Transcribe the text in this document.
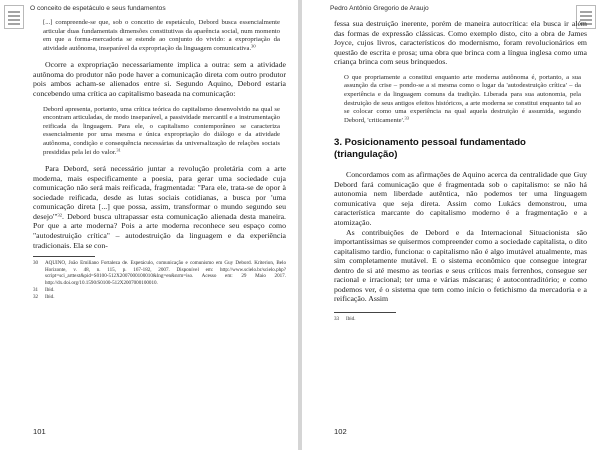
O conceito de espetáculo e seus fundamentos

[...] compreende-se que, sob o conceito de espetáculo, Debord busca essencialmente articular duas fundamentais dimensões constitutivas da aparência social, num momento em que a forma-mercadoria se estende ao conjunto do vivido: a expropriação da atividade autônoma, inseparável da expropriação da linguagem comunicativa.$^{30}$

Ocorre a expropriação necessariamente implica a outra: sem a atividade autônoma do produtor não pode haver a comunicação direta com outro produtor pois ambos acham-se alienados entre si. Segundo Aquino, Debord estaria concebendo uma crítica ao capitalismo baseada na comunicação:

Debord apresenta, portanto, uma crítica teórica do capitalismo desenvolvido na qual se encontram articuladas, de modo inseparável, a passividade mercantil e a instrumentação reificada da linguagem. Para ele, o capitalismo contemporâneo se caracteriza essencialmente por uma mesma e única expropriação do diálogo e da atividade autônoma, condição e consequência necessárias da universalização de relações sociais presididas pela lei do valor.$^{31}$

Para Debord, será necessário juntar a revolução proletária com a arte moderna, mais especificamente a poesia, para gerar uma sociedade cuja comunicação não será mais reificada, fragmentada: "Para ele, trata-se de opor à sociedade reificada, desde as lutas sociais cotidianas, a busca por 'uma comunicação direta [...] que possa, assim, transformar o mundo segundo seu desejo'"$^{32}$. Debord busca ultrapassar esta comunicação alienada desta maneira. Por que a arte moderna? Pois a arte moderna reconhece seu espaço como "autodestruição crítica" – autodestruição da linguagem e da experiência tradicionais. Ela se con-

30	AQUINO, João Emiliano Fortaleza de. Espetáculo, comunicação e comunismo em Guy Debord. Kriterion, Belo Horizonte, v. 48, n. 115, p. 167-182, 2007. Disponível em: http://www.scielo.br/scielo.php?script=sci_arttext&pid=S0100-512X2007000100010&lng=en&nrm=iso. Acesso em: 29 Maio 2017. http://dx.doi.org/10.1590/S0100-512X2007000100010.
31	Ibid.
32	Ibid.
101
Pedro Antônio Gregorio de Araujo

fessa sua destruição inerente, porém de maneira autocrítica: ela busca ir além das formas de expressão clássicas. Como exemplo disto, cito a obra de James Joyce, cujos livros, característicos do modernismo, foram revolucionários em questão de escrita e prosa; uma obra que brinca com a língua inglesa como uma criança brinca com seus brinquedos.

O que propriamente a constitui enquanto arte moderna autônoma é, portanto, a sua assunção da crise – pondo-se a si mesma como o lugar da 'autodestruição crítica' – da experiência e da linguagem comuns da tradição. Liberada para sua autonomia, pela destruição de seus antigos efeitos históricos, a arte moderna se constitui enquanto tal ao se colocar como uma experiência na qual aquela destruição é assumida, segundo Debord, 'criticamente'.$^{33}$

3. Posicionamento pessoal fundamentado (triangulação)

Concordamos com as afirmações de Aquino acerca da centralidade que Guy Debord fará comunicação que é fragmentada sob o capitalismo: se não há autonomia nem liberdade autêntica, não podemos ter uma linguagem comunicativa que seja direta. Assim como Lukács demonstrou, uma característica marcante do capitalismo moderno é a fragmentação e a atomização.

As contribuições de Debord e da Internacional Situacionista são importantíssimas se quisermos compreender como a sociedade capitalista, o dito capitalismo tardio, funciona: o capitalismo não é algo imutável atualmente, mas sim completamente mutável. E o sistema econômico que consegue integrar dentro de si até mesmo as teorias e seus críticos mais ferrenhos, consegue ser racional e irracional; ter uma e várias máscaras; é autocontraditório; e como podemos ver, é o sistema que tem como início o fetichismo da mercadoria e a reificação. Assim

33	Ibid.
102
